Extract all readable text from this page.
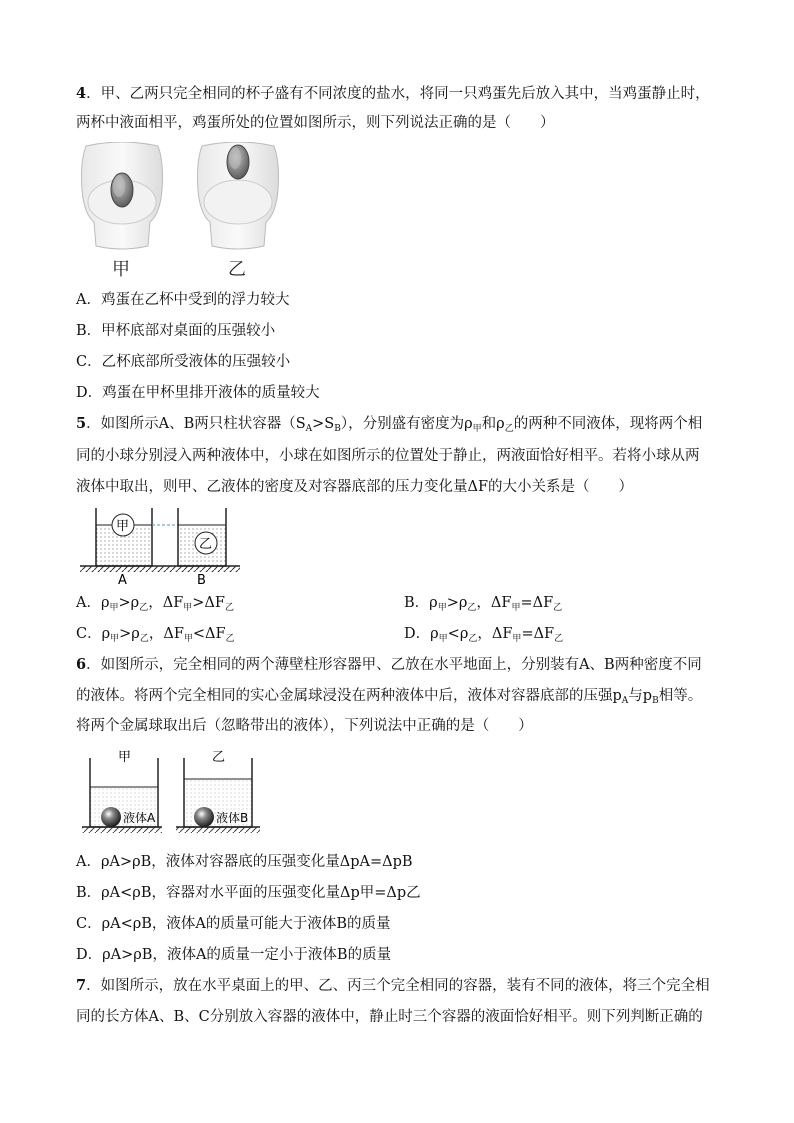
4．甲、乙两只完全相同的杯子盛有不同浓度的盐水，将同一只鸡蛋先后放入其中，当鸡蛋静止时，
两杯中液面相平，鸡蛋所处的位置如图所示，则下列说法正确的是（　　）
甲	乙
A．鸡蛋在乙杯中受到的浮力较大
B．甲杯底部对桌面的压强较小
C．乙杯底部所受液体的压强较小
D．鸡蛋在甲杯里排开液体的质量较大
5．如图所示A、B两只柱状容器$(S_A>S_B)$，分别盛有密度为$\rho_甲$和$\rho_乙$的两种不同液体，现将两个相
同的小球分别浸入两种液体中，小球在如图所示的位置处于静止，两液面恰好相平。若将小球从两
液体中取出，则甲、乙液体的密度及对容器底部的压力变化量ΔF的大小关系是（　　）
甲
乙
A	B
A．$\rho_甲>\rho_乙$，$\Delta F_甲>\Delta F_乙$	B．$\rho_甲>\rho_乙$，$\Delta F_甲=\Delta F_乙$
C．$\rho_甲>\rho_乙$，$\Delta F_甲<\Delta F_乙$	D．$\rho_甲<\rho_乙$，$\Delta F_甲=\Delta F_乙$
6．如图所示，完全相同的两个薄壁柱形容器甲、乙放在水平地面上，分别装有A、B两种密度不同
的液体。将两个完全相同的实心金属球浸没在两种液体中后，液体对容器底部的压强$p_A$与$p_B$相等。
将两个金属球取出后（忽略带出的液体），下列说法中正确的是（　　）
甲	乙
液体A	液体B
A．ρA>ρB，液体对容器底的压强变化量ΔpA=ΔpB
B．ρA<ρB，容器对水平面的压强变化量Δp甲=Δp乙
C．ρA<ρB，液体A的质量可能大于液体B的质量
D．ρA>ρB，液体A的质量一定小于液体B的质量
7．如图所示，放在水平桌面上的甲、乙、丙三个完全相同的容器，装有不同的液体，将三个完全相
同的长方体A、B、C分别放入容器的液体中，静止时三个容器的液面恰好相平。则下列判断正确的
